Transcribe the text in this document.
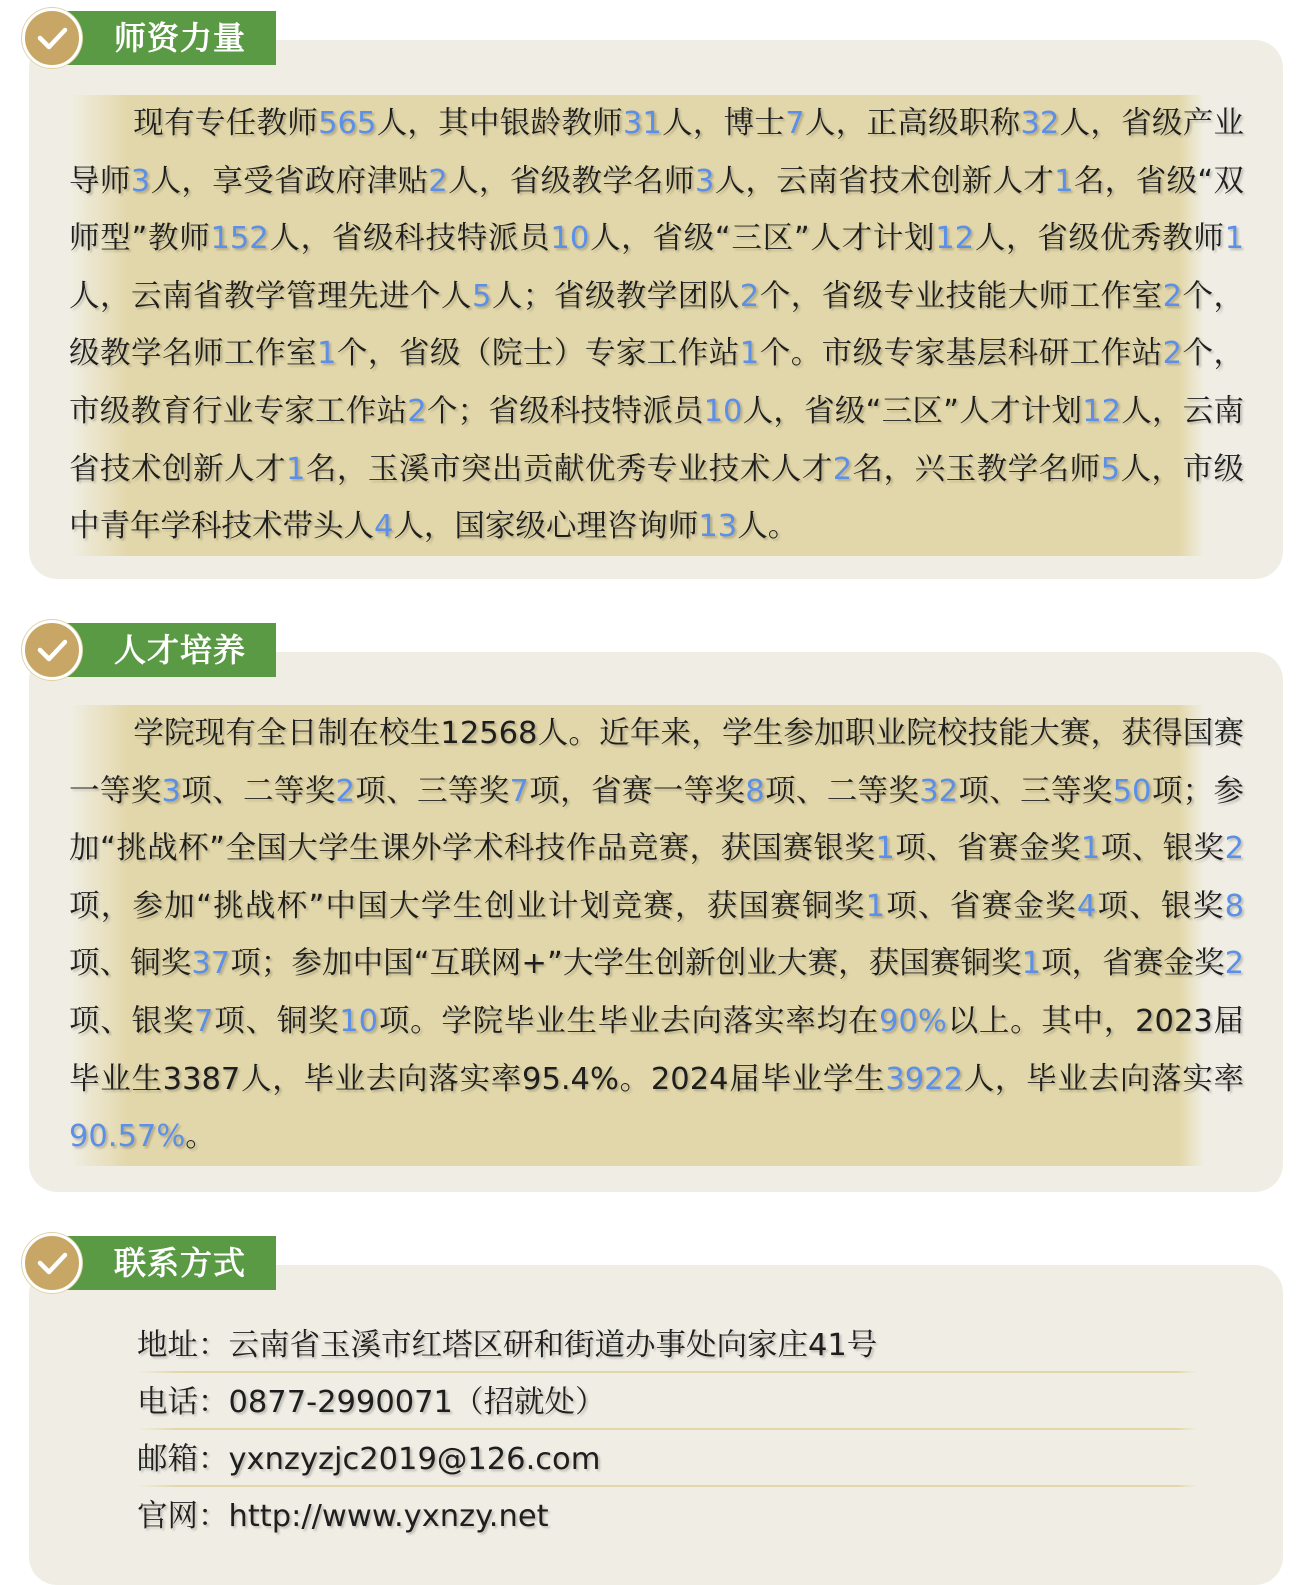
现有专任教师565人，其中银龄教师31人，博士7人，正高级职称32人，省级产业导师3人，享受省政府津贴2人，省级教学名师3人，云南省技术创新人才1名，省级“双师型”教师152人，省级科技特派员10人，省级“三区”人才计划12人，省级优秀教师1人，云南省教学管理先进个人5人；省级教学团队2个，省级专业技能大师工作室2个，级教学名师工作室1个，省级（院士）专家工作站1个。市级专家基层科研工作站2个，市级教育行业专家工作站2个；省级科技特派员10人，省级“三区”人才计划12人，云南省技术创新人才1名，玉溪市突出贡献优秀专业技术人才2名，兴玉教学名师5人，市级中青年学科技术带头人4人，国家级心理咨询师13人。
师资力量
学院现有全日制在校生12568人。近年来，学生参加职业院校技能大赛，获得国赛一等奖3项、二等奖2项、三等奖7项，省赛一等奖8项、二等奖32项、三等奖50项；参加“挑战杯”全国大学生课外学术科技作品竞赛，获国赛银奖1项、省赛金奖1项、银奖2项，参加“挑战杯”中国大学生创业计划竞赛，获国赛铜奖1项、省赛金奖4项、银奖8项、铜奖37项；参加中国“互联网+”大学生创新创业大赛，获国赛铜奖1项，省赛金奖2项、银奖7项、铜奖10项。学院毕业生毕业去向落实率均在90%以上。其中，2023届毕业生3387人，毕业去向落实率95.4%。2024届毕业学生3922人，毕业去向落实率90.57%。
人才培养
地址：云南省玉溪市红塔区研和街道办事处向家庄41号
电话：0877-2990071（招就处）
邮箱：yxnzyzjc2019@126.com
官网：http://www.yxnzy.net
联系方式
